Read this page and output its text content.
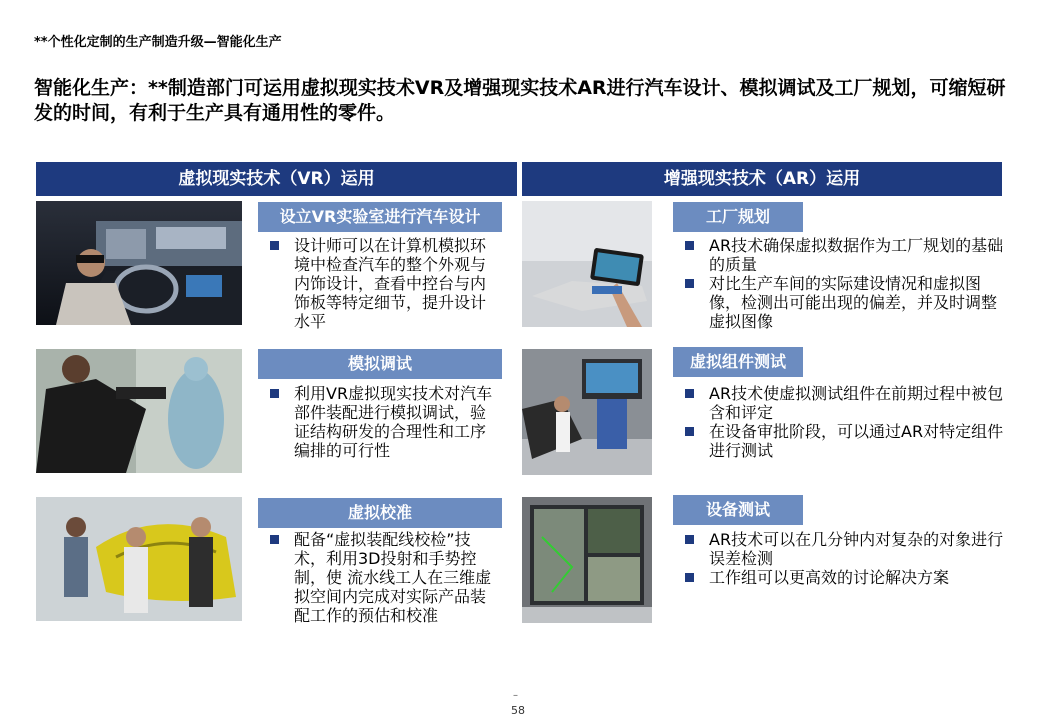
**个性化定制的生产制造升级—智能化生产
智能化生产：**制造部门可运用虚拟现实技术VR及增强现实技术AR进行汽车设计、模拟调试及工厂规划，可缩短研发的时间，有利于生产具有通用性的零件。
虚拟现实技术（VR）运用	增强现实技术（AR）运用
设立VR实验室进行汽车设计
模拟调试
虚拟校准
工厂规划
虚拟组件测试
设备测试
设计师可以在计算机模拟环境中检查汽车的整个外观与内饰设计，查看中控台与内饰板等特定细节，提升设计水平
利用VR虚拟现实技术对汽车部件装配进行模拟调试，验证结构研发的合理性和工序编排的可行性
配备“虚拟装配线校检”技术，利用3D投射和手势控制，使 流水线工人在三维虚拟空间内完成对实际产品装配工作的预估和校准
AR技术确保虚拟数据作为工厂规划的基础的质量
对比生产车间的实际建设情况和虚拟图像，检测出可能出现的偏差，并及时调整虚拟图像
AR技术使虚拟测试组件在前期过程中被包含和评定
在设备审批阶段，可以通过AR对特定组件进行测试
AR技术可以在几分钟内对复杂的对象进行误差检测
工作组可以更高效的讨论解决方案
–
58
